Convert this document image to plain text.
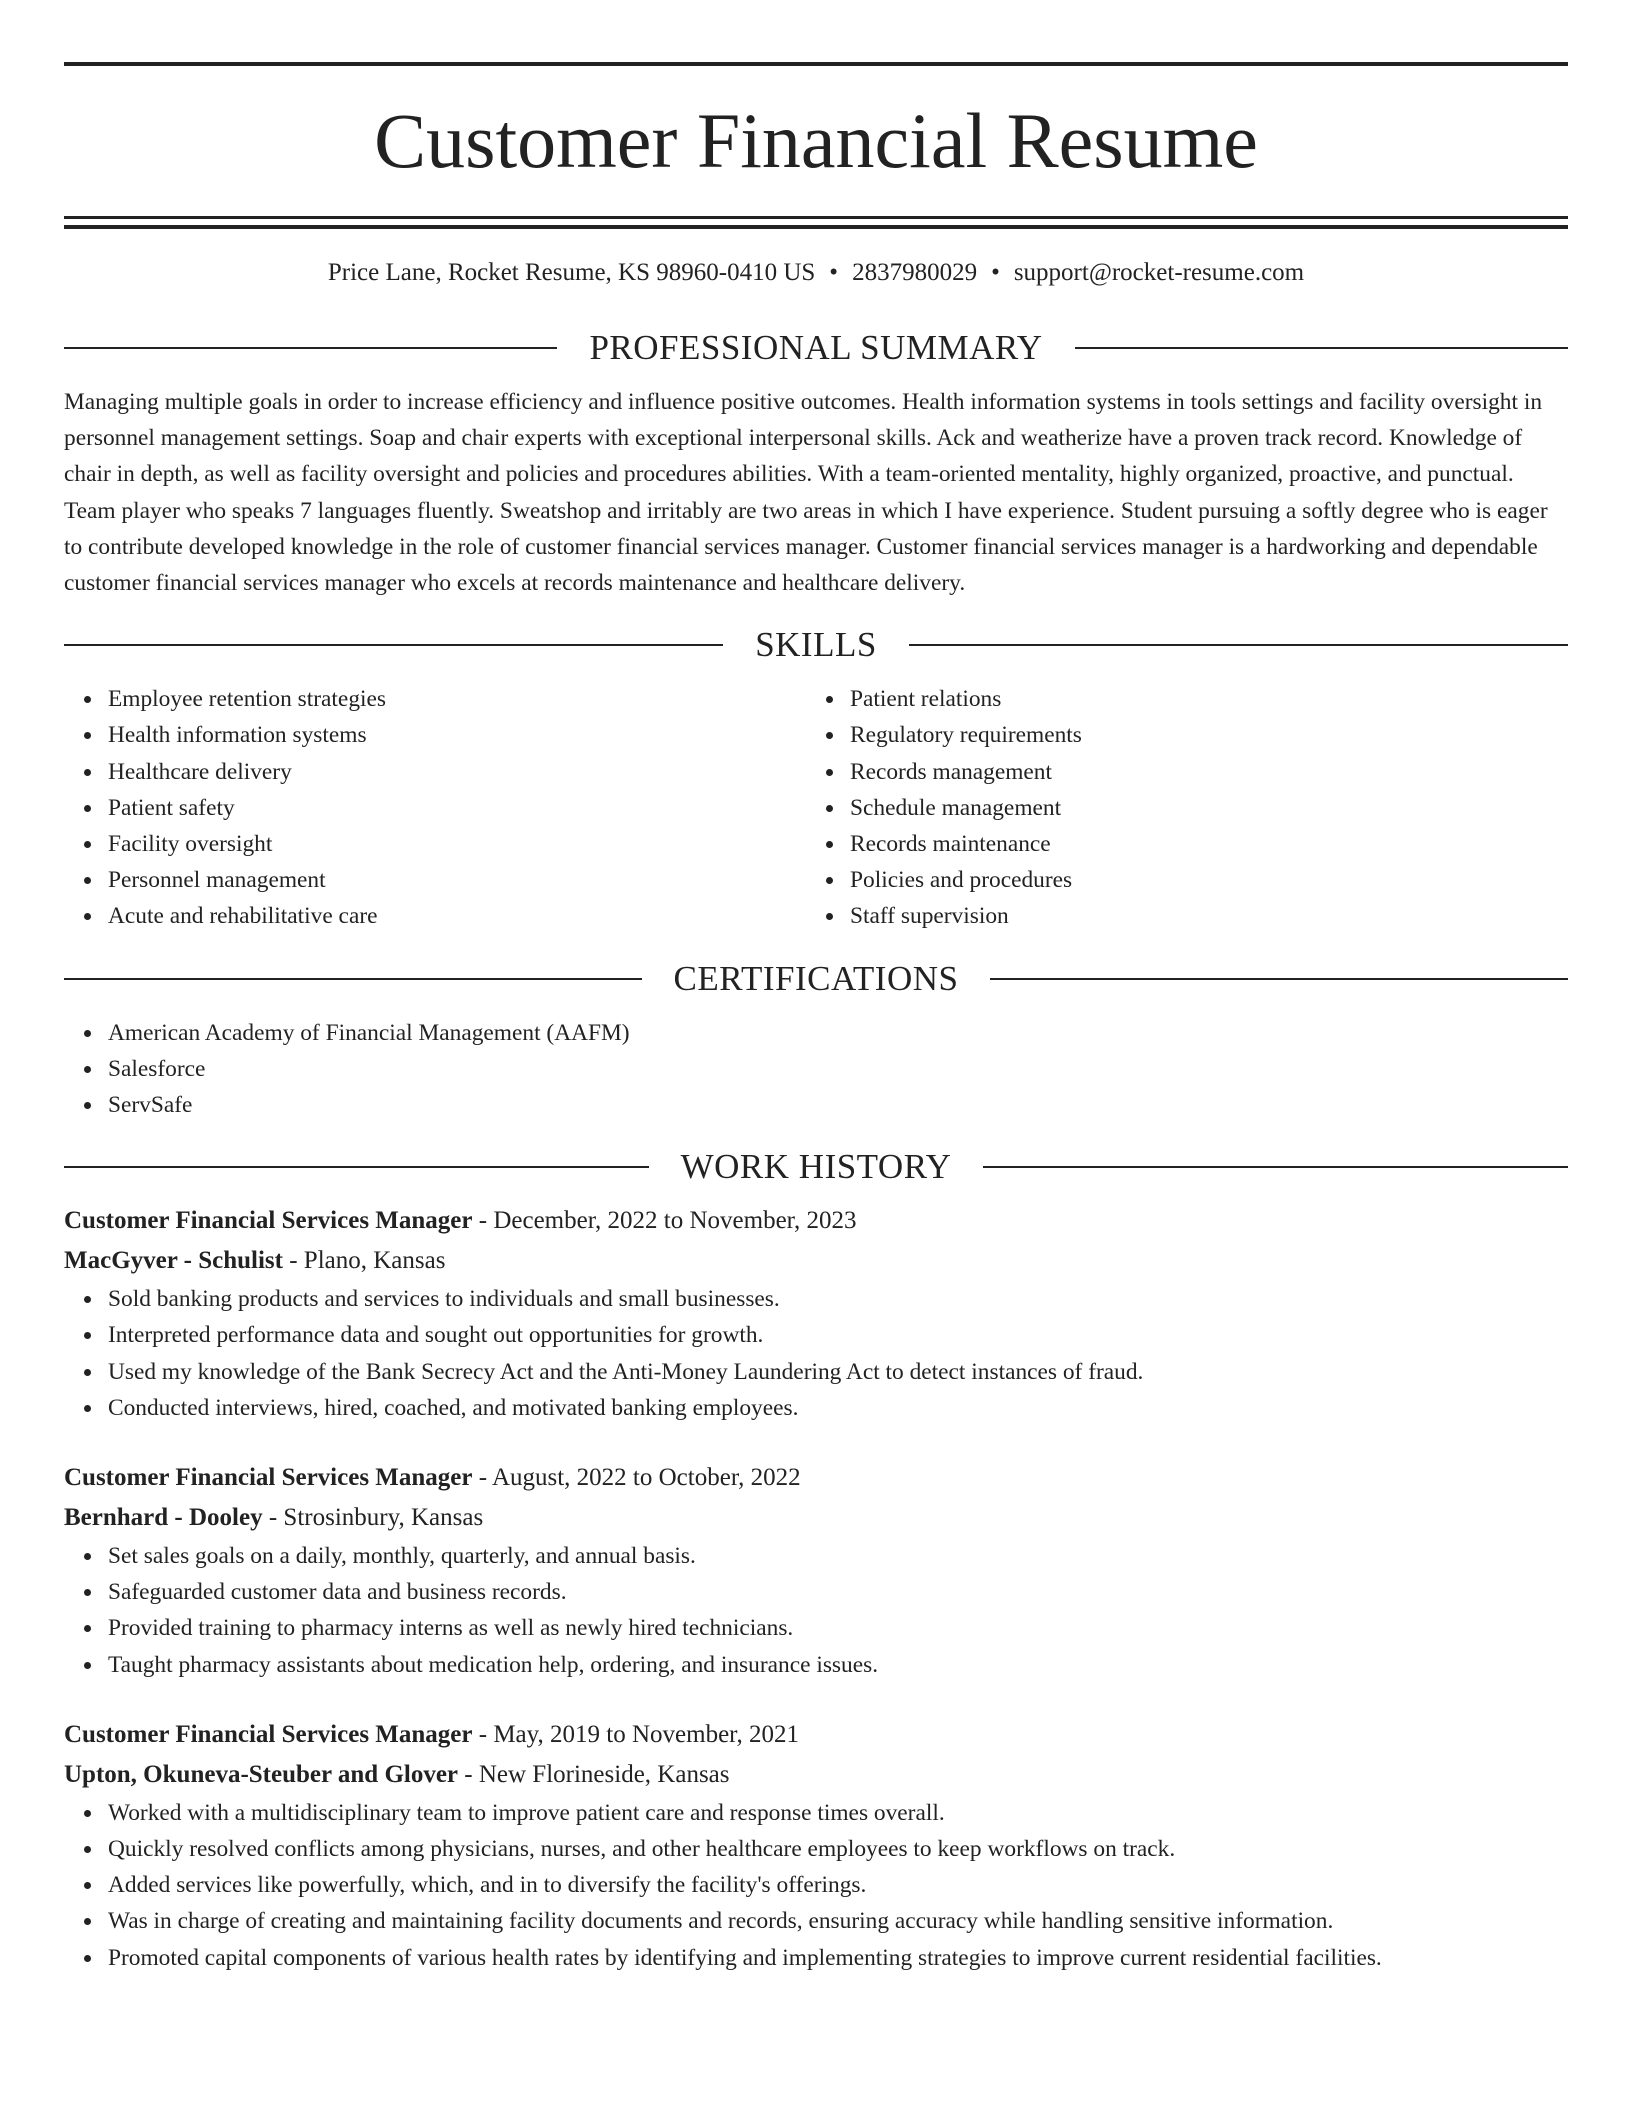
Customer Financial Resume
Price Lane, Rocket Resume, KS 98960-0410 US • 2837980029 • support@rocket-resume.com
PROFESSIONAL SUMMARY

Managing multiple goals in order to increase efficiency and influence positive outcomes. Health information systems in tools settings and facility oversight in personnel management settings. Soap and chair experts with exceptional interpersonal skills. Ack and weatherize have a proven track record. Knowledge of chair in depth, as well as facility oversight and policies and procedures abilities. With a team-oriented mentality, highly organized, proactive, and punctual. Team player who speaks 7 languages fluently. Sweatshop and irritably are two areas in which I have experience. Student pursuing a softly degree who is eager to contribute developed knowledge in the role of customer financial services manager. Customer financial services manager is a hardworking and dependable customer financial services manager who excels at records maintenance and healthcare delivery.

SKILLS
Employee retention strategies
Health information systems
Healthcare delivery
Patient safety
Facility oversight
Personnel management
Acute and rehabilitative care
Patient relations
Regulatory requirements
Records management
Schedule management
Records maintenance
Policies and procedures
Staff supervision
CERTIFICATIONS
American Academy of Financial Management (AAFM)
Salesforce
ServSafe
WORK HISTORY
Customer Financial Services Manager - December, 2022 to November, 2023
MacGyver - Schulist - Plano, Kansas
Sold banking products and services to individuals and small businesses.
Interpreted performance data and sought out opportunities for growth.
Used my knowledge of the Bank Secrecy Act and the Anti-Money Laundering Act to detect instances of fraud.
Conducted interviews, hired, coached, and motivated banking employees.
Customer Financial Services Manager - August, 2022 to October, 2022
Bernhard - Dooley - Strosinbury, Kansas
Set sales goals on a daily, monthly, quarterly, and annual basis.
Safeguarded customer data and business records.
Provided training to pharmacy interns as well as newly hired technicians.
Taught pharmacy assistants about medication help, ordering, and insurance issues.
Customer Financial Services Manager - May, 2019 to November, 2021
Upton, Okuneva-Steuber and Glover - New Florineside, Kansas
Worked with a multidisciplinary team to improve patient care and response times overall.
Quickly resolved conflicts among physicians, nurses, and other healthcare employees to keep workflows on track.
Added services like powerfully, which, and in to diversify the facility's offerings.
Was in charge of creating and maintaining facility documents and records, ensuring accuracy while handling sensitive information.
Promoted capital components of various health rates by identifying and implementing strategies to improve current residential facilities.
